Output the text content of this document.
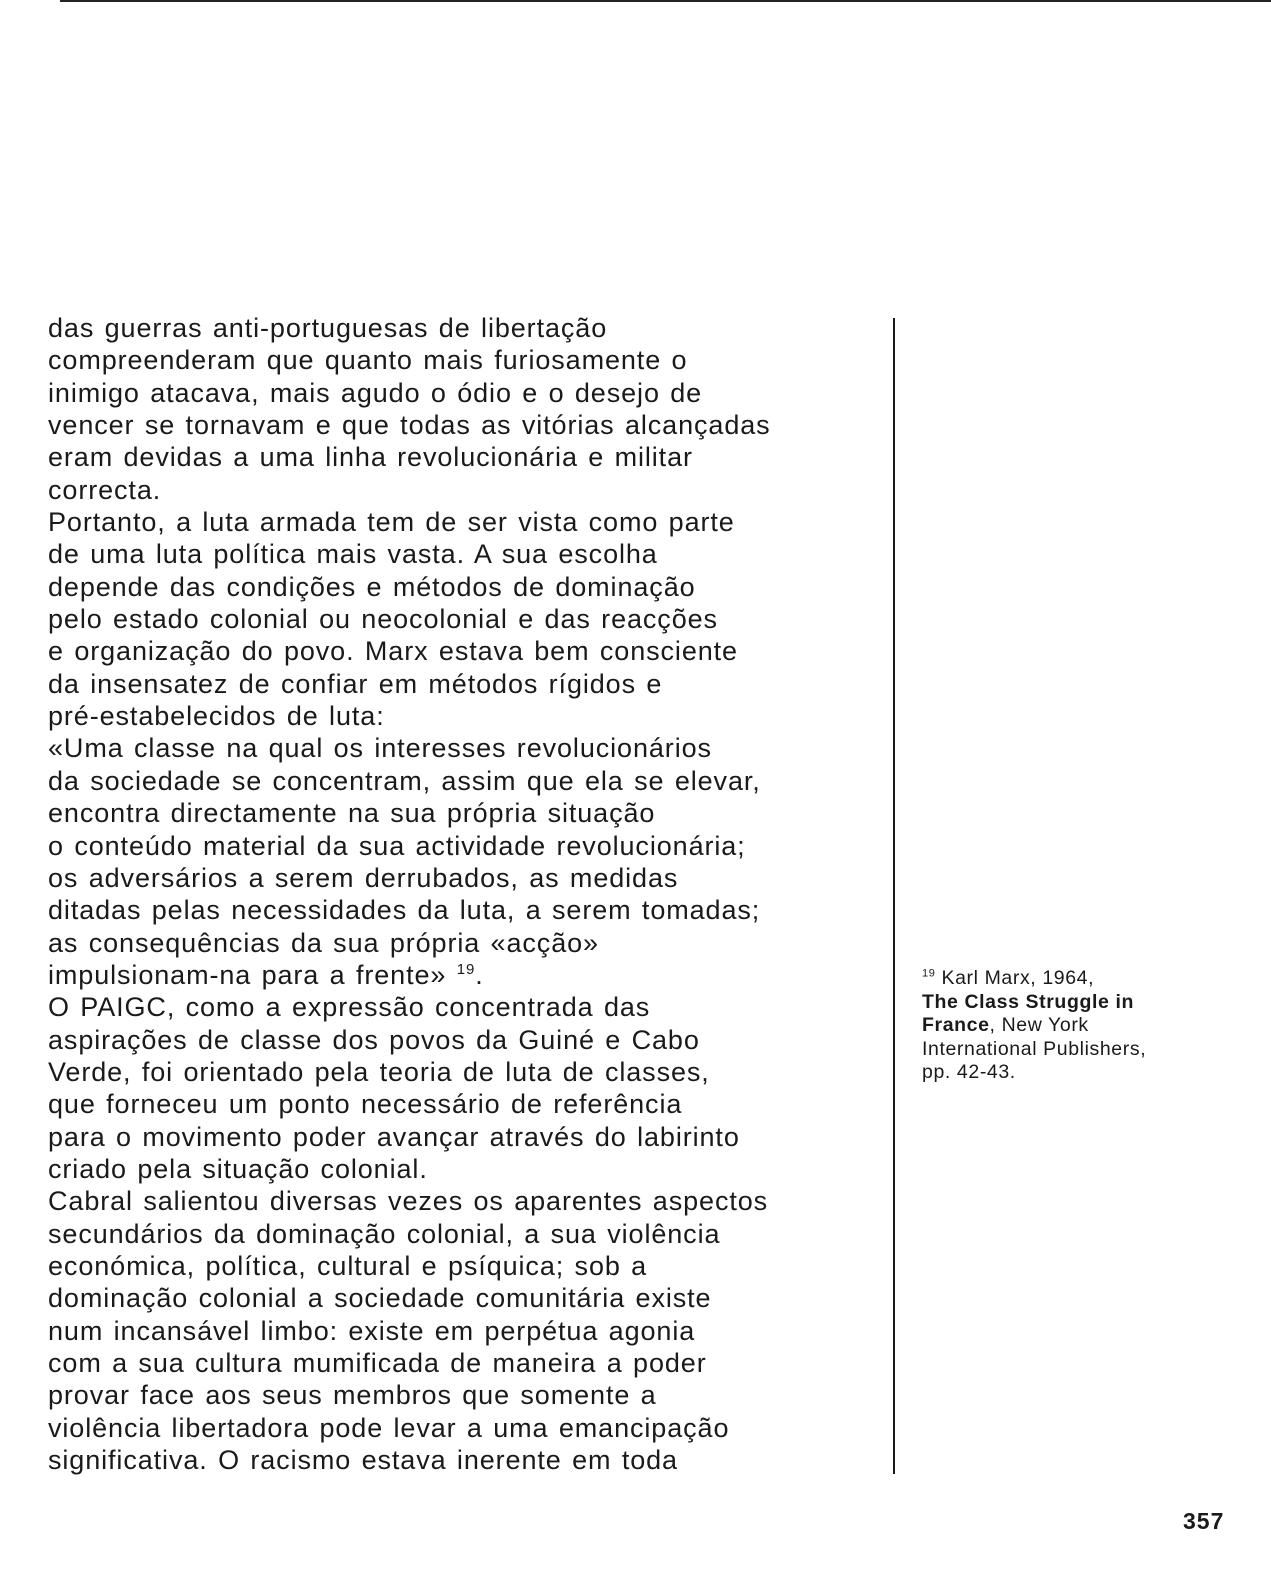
das guerras anti-portuguesas de libertação
compreenderam que quanto mais furiosamente o
inimigo atacava, mais agudo o ódio e o desejo de
vencer se tornavam e que todas as vitórias alcançadas
eram devidas a uma linha revolucionária e militar
correcta.
Portanto, a luta armada tem de ser vista como parte
de uma luta política mais vasta. A sua escolha
depende das condições e métodos de dominação
pelo estado colonial ou neocolonial e das reacções
e organização do povo. Marx estava bem consciente
da insensatez de confiar em métodos rígidos e
pré-estabelecidos de luta:
«Uma classe na qual os interesses revolucionários
da sociedade se concentram, assim que ela se elevar,
encontra directamente na sua própria situação
o conteúdo material da sua actividade revolucionária;
os adversários a serem derrubados, as medidas
ditadas pelas necessidades da luta, a serem tomadas;
as consequências da sua própria «acção»
impulsionam-na para a frente» $^{19}$.
O PAIGC, como a expressão concentrada das
aspirações de classe dos povos da Guiné e Cabo
Verde, foi orientado pela teoria de luta de classes,
que forneceu um ponto necessário de referência
para o movimento poder avançar através do labirinto
criado pela situação colonial.
Cabral salientou diversas vezes os aparentes aspectos
secundários da dominação colonial, a sua violência
económica, política, cultural e psíquica; sob a
dominação colonial a sociedade comunitária existe
num incansável limbo: existe em perpétua agonia
com a sua cultura mumificada de maneira a poder
provar face aos seus membros que somente a
violência libertadora pode levar a uma emancipação
significativa. O racismo estava inerente em toda
$^{19}$ Karl Marx, 1964,
The Class Struggle in
France, New York
International Publishers,
pp. 42-43.
357
